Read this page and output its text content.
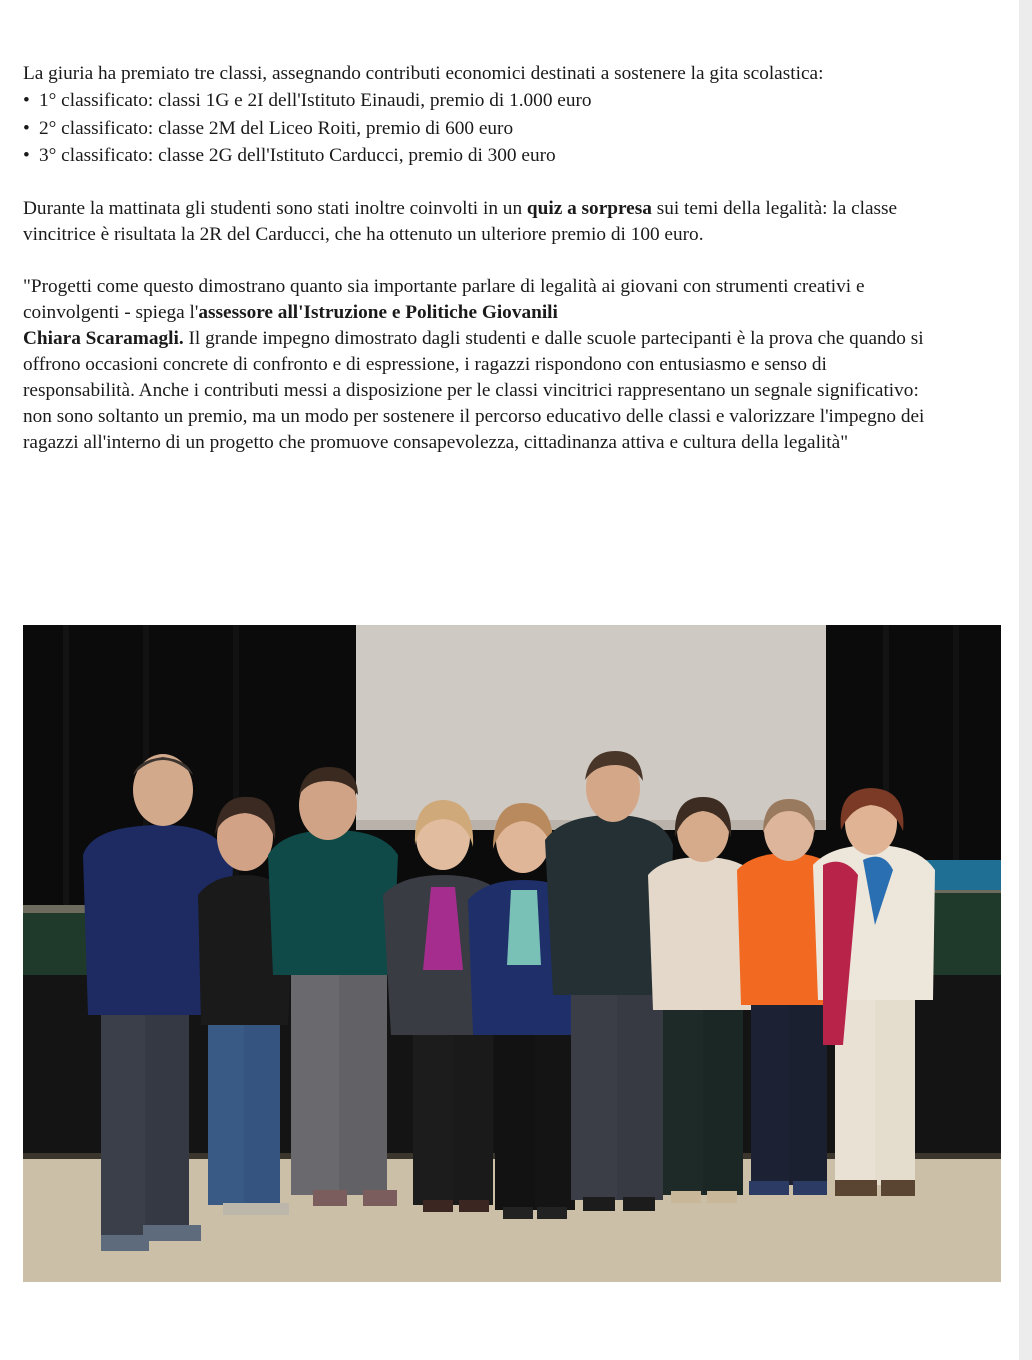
La giuria ha premiato tre classi, assegnando contributi economici destinati a sostenere la gita scolastica:

• 1° classificato: classi 1G e 2I dell'Istituto Einaudi, premio di 1.000 euro
• 2° classificato: classe 2M del Liceo Roiti, premio di 600 euro
• 3° classificato: classe 2G dell'Istituto Carducci, premio di 300 euro

Durante la mattinata gli studenti sono stati inoltre coinvolti in un quiz a sorpresa sui temi della legalità: la classe vincitrice è risultata la 2R del Carducci, che ha ottenuto un ulteriore premio di 100 euro.

"Progetti come questo dimostrano quanto sia importante parlare di legalità ai giovani con strumenti creativi e coinvolgenti - spiega l'assessore all'Istruzione e Politiche Giovanili
Chiara Scaramagli. Il grande impegno dimostrato dagli studenti e dalle scuole partecipanti è la prova che quando si offrono occasioni concrete di confronto e di espressione, i ragazzi rispondono con entusiasmo e senso di responsabilità. Anche i contributi messi a disposizione per le classi vincitrici rappresentano un segnale significativo: non sono soltanto un premio, ma un modo per sostenere il percorso educativo delle classi e valorizzare l'impegno dei ragazzi all'interno di un progetto che promuove consapevolezza, cittadinanza attiva e cultura della legalità"
